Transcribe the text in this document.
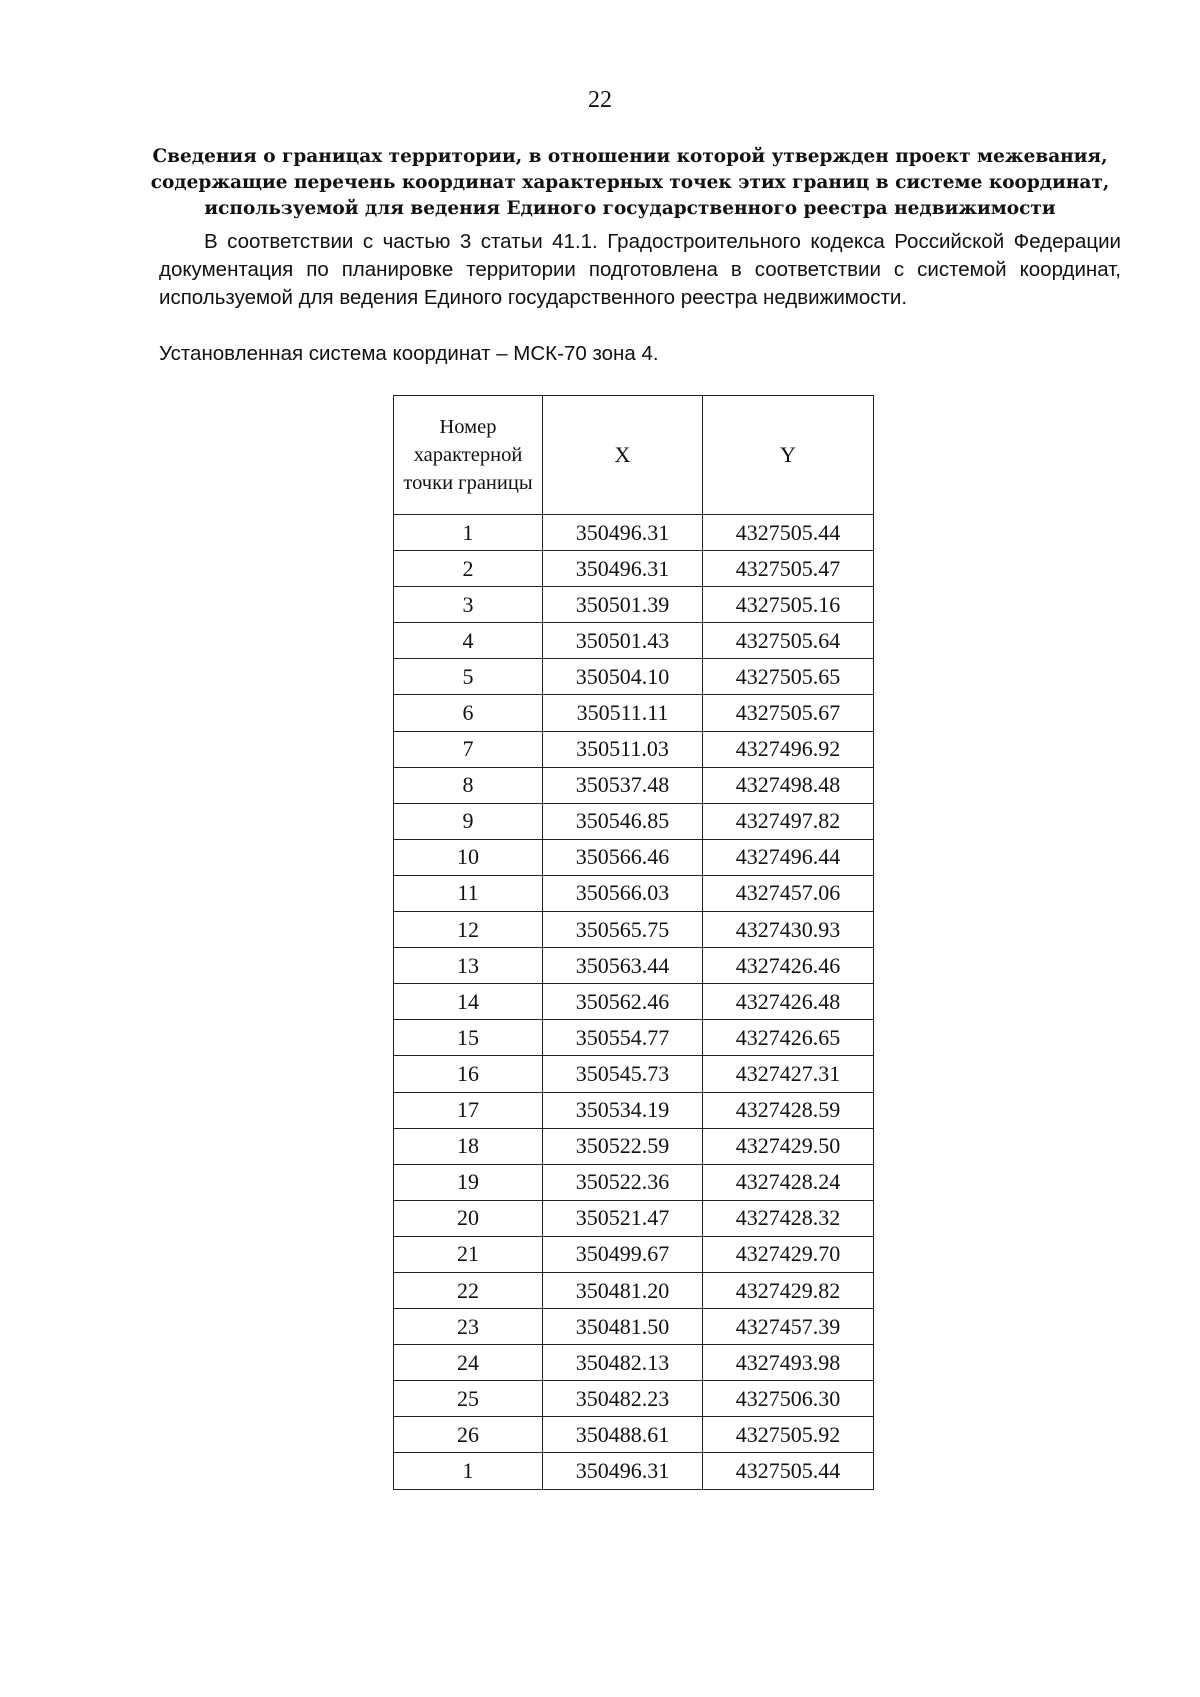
22
Сведения о границах территории, в отношении которой утвержден проект межевания, содержащие перечень координат характерных точек этих границ в системе координат, используемой для ведения Единого государственного реестра недвижимости
В соответствии с частью 3 статьи 41.1. Градостроительного кодекса Российской Федерации документация по планировке территории подготовлена в соответствии с системой координат, используемой для ведения Единого государственного реестра недвижимости.
Установленная система координат – МСК-70 зона 4.
Номер характерной точки границы	X	Y
1	350496.31	4327505.44
2	350496.31	4327505.47
3	350501.39	4327505.16
4	350501.43	4327505.64
5	350504.10	4327505.65
6	350511.11	4327505.67
7	350511.03	4327496.92
8	350537.48	4327498.48
9	350546.85	4327497.82
10	350566.46	4327496.44
11	350566.03	4327457.06
12	350565.75	4327430.93
13	350563.44	4327426.46
14	350562.46	4327426.48
15	350554.77	4327426.65
16	350545.73	4327427.31
17	350534.19	4327428.59
18	350522.59	4327429.50
19	350522.36	4327428.24
20	350521.47	4327428.32
21	350499.67	4327429.70
22	350481.20	4327429.82
23	350481.50	4327457.39
24	350482.13	4327493.98
25	350482.23	4327506.30
26	350488.61	4327505.92
1	350496.31	4327505.44
